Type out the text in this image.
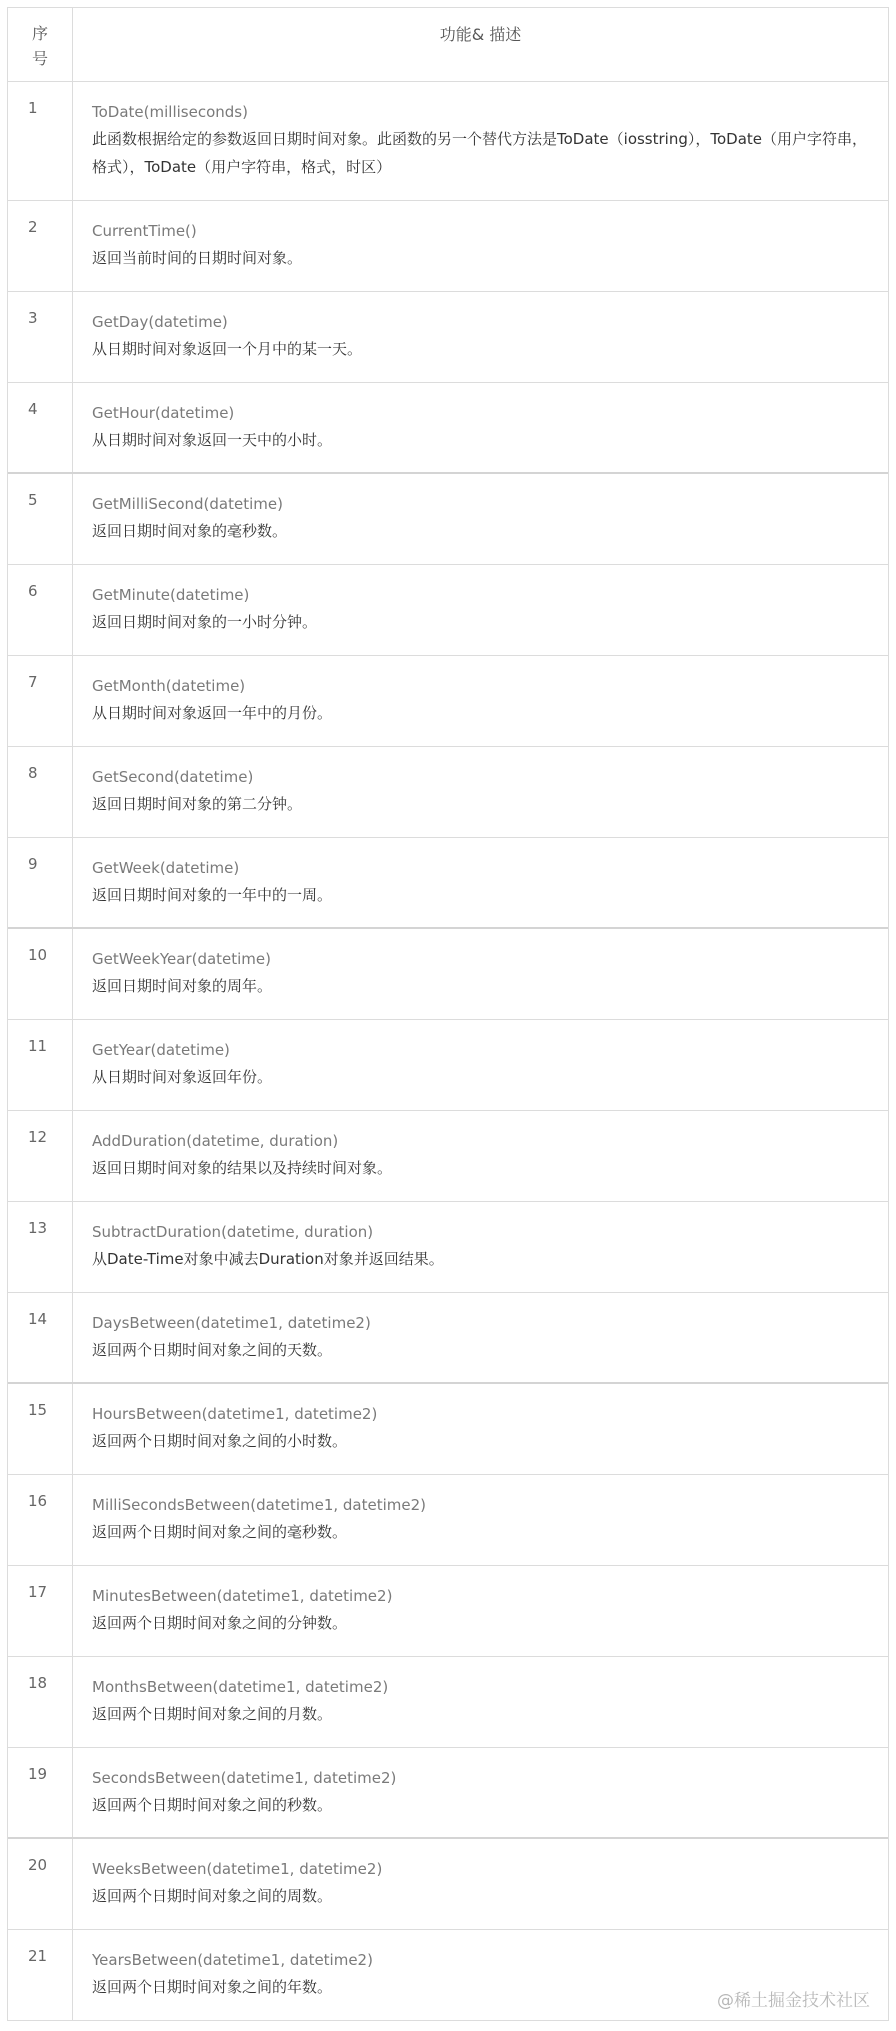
序
号
功能& 描述
1	ToDate(milliseconds)
此函数根据给定的参数返回日期时间对象。此函数的另一个替代方法是ToDate（iosstring），ToDate（用户字符串，格式），ToDate（用户字符串，格式，时区）
2	CurrentTime()
返回当前时间的日期时间对象。
3	GetDay(datetime)
从日期时间对象返回一个月中的某一天。
4	GetHour(datetime)
从日期时间对象返回一天中的小时。
5	GetMilliSecond(datetime)
返回日期时间对象的毫秒数。
6	GetMinute(datetime)
返回日期时间对象的一小时分钟。
7	GetMonth(datetime)
从日期时间对象返回一年中的月份。
8	GetSecond(datetime)
返回日期时间对象的第二分钟。
9	GetWeek(datetime)
返回日期时间对象的一年中的一周。
10	GetWeekYear(datetime)
返回日期时间对象的周年。
11	GetYear(datetime)
从日期时间对象返回年份。
12	AddDuration(datetime, duration)
返回日期时间对象的结果以及持续时间对象。
13	SubtractDuration(datetime, duration)
从Date-Time对象中减去Duration对象并返回结果。
14	DaysBetween(datetime1, datetime2)
返回两个日期时间对象之间的天数。
15	HoursBetween(datetime1, datetime2)
返回两个日期时间对象之间的小时数。
16	MilliSecondsBetween(datetime1, datetime2)
返回两个日期时间对象之间的毫秒数。
17	MinutesBetween(datetime1, datetime2)
返回两个日期时间对象之间的分钟数。
18	MonthsBetween(datetime1, datetime2)
返回两个日期时间对象之间的月数。
19	SecondsBetween(datetime1, datetime2)
返回两个日期时间对象之间的秒数。
20	WeeksBetween(datetime1, datetime2)
返回两个日期时间对象之间的周数。
21	YearsBetween(datetime1, datetime2)
返回两个日期时间对象之间的年数。
@稀土掘金技术社区
